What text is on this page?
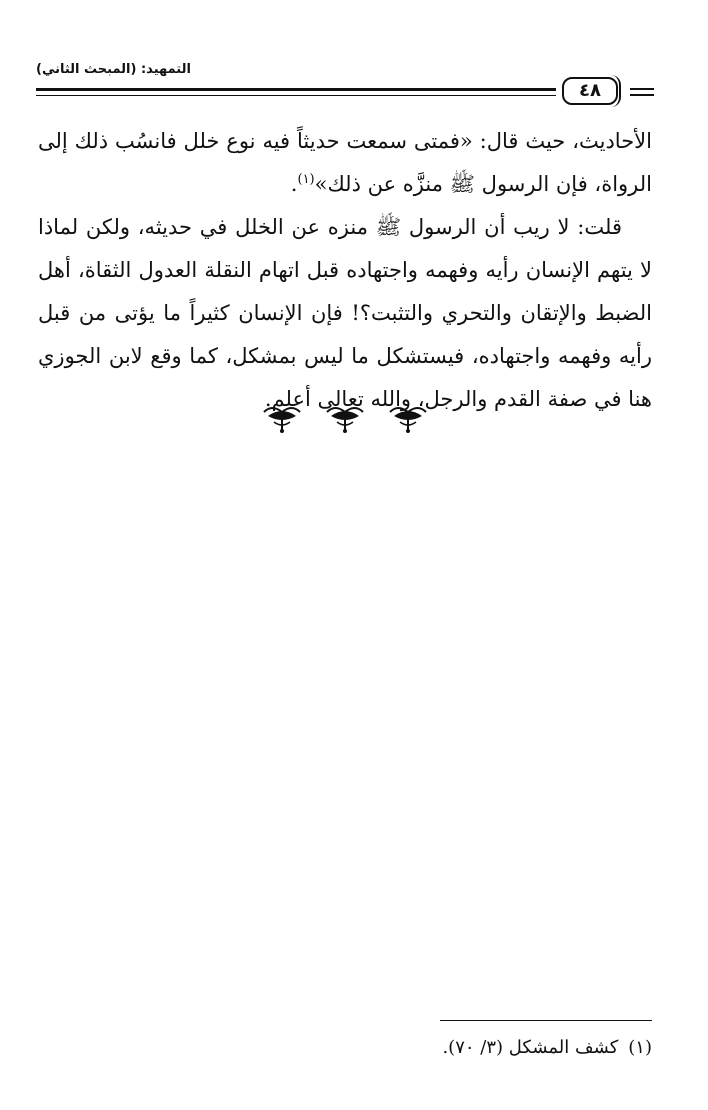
التمهيد: (المبحث الثاني)
٤٨

الأحاديث، حيث قال: «فمتى سمعت حديثاً فيه نوع خلل فانسُب ذلك إلى الرواة، فإن الرسول ﷺ منزَّه عن ذلك»$^{(١)}$.

قلت: لا ريب أن الرسول ﷺ منزه عن الخلل في حديثه، ولكن لماذا لا يتهم الإنسان رأيه وفهمه واجتهاده قبل اتهام النقلة العدول الثقاة، أهل الضبط والإتقان والتحري والتثبت؟! فإن الإنسان كثيراً ما يؤتى من قبل رأيه وفهمه واجتهاده، فيستشكل ما ليس بمشكل، كما وقع لابن الجوزي هنا في صفة القدم والرجل، والله تعالى أعلم.

(١)كشف المشكل (٣/ ٧٠).
